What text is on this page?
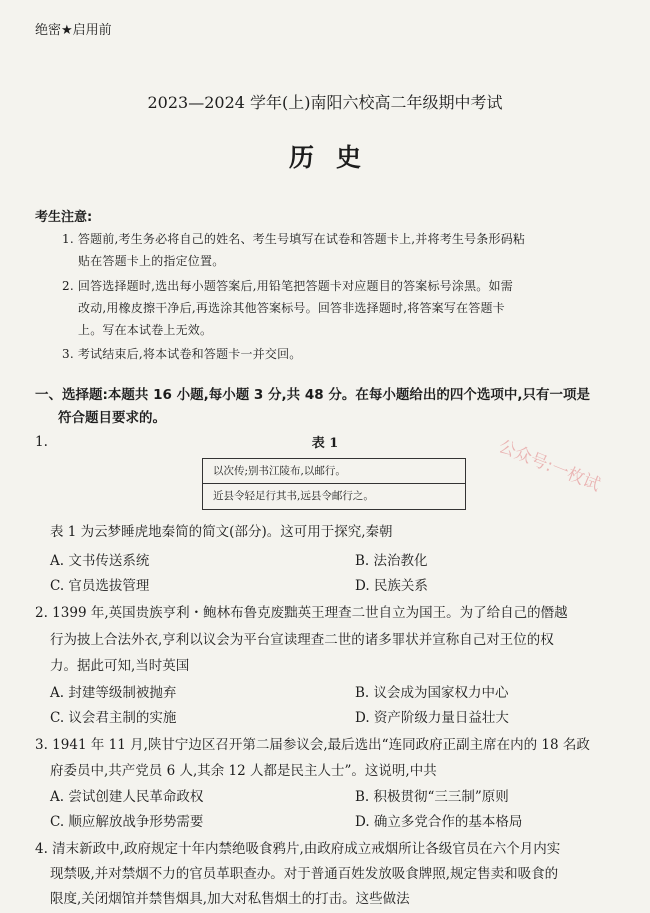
绝密★启用前
2023—2024 学年(上)南阳六校高二年级期中考试
历史
考生注意:
1. 答题前,考生务必将自己的姓名、考生号填写在试卷和答题卡上,并将考生号条形码粘
贴在答题卡上的指定位置。
2. 回答选择题时,选出每小题答案后,用铅笔把答题卡对应题目的答案标号涂黑。如需
改动,用橡皮擦干净后,再选涂其他答案标号。回答非选择题时,将答案写在答题卡
上。写在本试卷上无效。
3. 考试结束后,将本试卷和答题卡一并交回。
一、选择题:本题共 16 小题,每小题 3 分,共 48 分。在每小题给出的四个选项中,只有一项是
符合题目要求的。
公众号:一枚试
1.	表 1
以次传;别书江陵布,以邮行。
近县令轻足行其书,远县令邮行之。
表 1 为云梦睡虎地秦简的简文(部分)。这可用于探究,秦朝
A. 文书传送系统	B. 法治教化
C. 官员选拔管理	D. 民族关系
2. 1399 年,英国贵族亨利・鲍林布鲁克废黜英王理查二世自立为国王。为了给自己的僭越
行为披上合法外衣,亨利以议会为平台宣读理查二世的诸多罪状并宣称自己对王位的权
力。据此可知,当时英国
A. 封建等级制被抛弃	B. 议会成为国家权力中心
C. 议会君主制的实施	D. 资产阶级力量日益壮大
3. 1941 年 11 月,陕甘宁边区召开第二届参议会,最后选出“连同政府正副主席在内的 18 名政
府委员中,共产党员 6 人,其余 12 人都是民主人士”。这说明,中共
A. 尝试创建人民革命政权	B. 积极贯彻“三三制”原则
C. 顺应解放战争形势需要	D. 确立多党合作的基本格局
4. 清末新政中,政府规定十年内禁绝吸食鸦片,由政府成立戒烟所让各级官员在六个月内实
现禁吸,并对禁烟不力的官员革职查办。对于普通百姓发放吸食牌照,规定售卖和吸食的
限度,关闭烟馆并禁售烟具,加大对私售烟土的打击。这些做法
